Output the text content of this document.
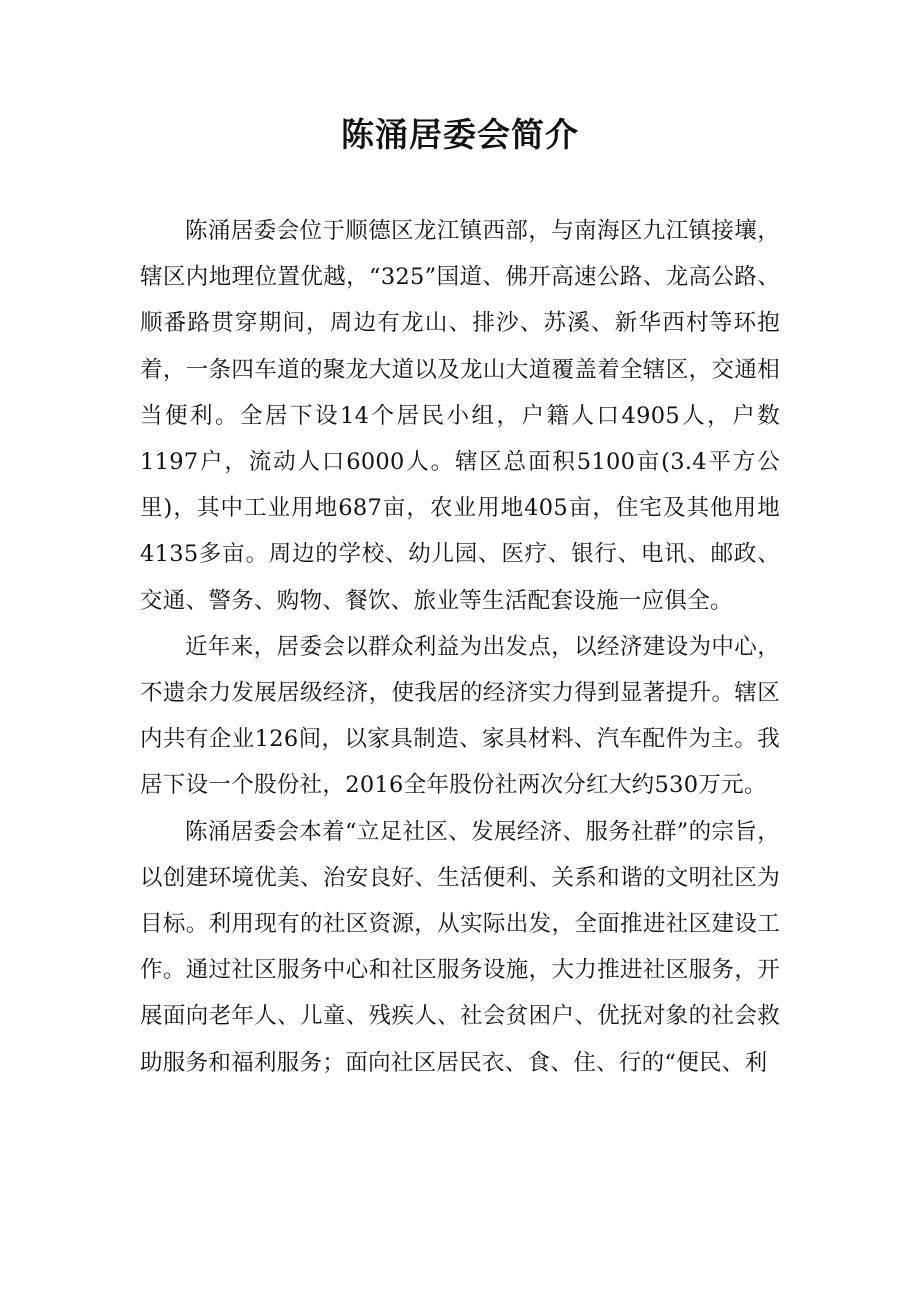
陈涌居委会简介

陈涌居委会位于顺德区龙江镇西部，与南海区九江镇接壤，辖区内地理位置优越，“325”国道、佛开高速公路、龙高公路、顺番路贯穿期间，周边有龙山、排沙、苏溪、新华西村等环抱着，一条四车道的聚龙大道以及龙山大道覆盖着全辖区，交通相当便利。全居下设14个居民小组，户籍人口4905人，户数1197户，流动人口6000人。辖区总面积5100亩(3.4平方公里)，其中工业用地687亩，农业用地405亩，住宅及其他用地4135多亩。周边的学校、幼儿园、医疗、银行、电讯、邮政、交通、警务、购物、餐饮、旅业等生活配套设施一应俱全。

近年来，居委会以群众利益为出发点，以经济建设为中心，不遗余力发展居级经济，使我居的经济实力得到显著提升。辖区内共有企业126间，以家具制造、家具材料、汽车配件为主。我居下设一个股份社，2016全年股份社两次分红大约530万元。

陈涌居委会本着“立足社区、发展经济、服务社群”的宗旨，以创建环境优美、治安良好、生活便利、关系和谐的文明社区为目标。利用现有的社区资源，从实际出发，全面推进社区建设工作。通过社区服务中心和社区服务设施，大力推进社区服务，开展面向老年人、儿童、残疾人、社会贫困户、优抚对象的社会救助服务和福利服务；面向社区居民衣、食、住、行的“便民、利
